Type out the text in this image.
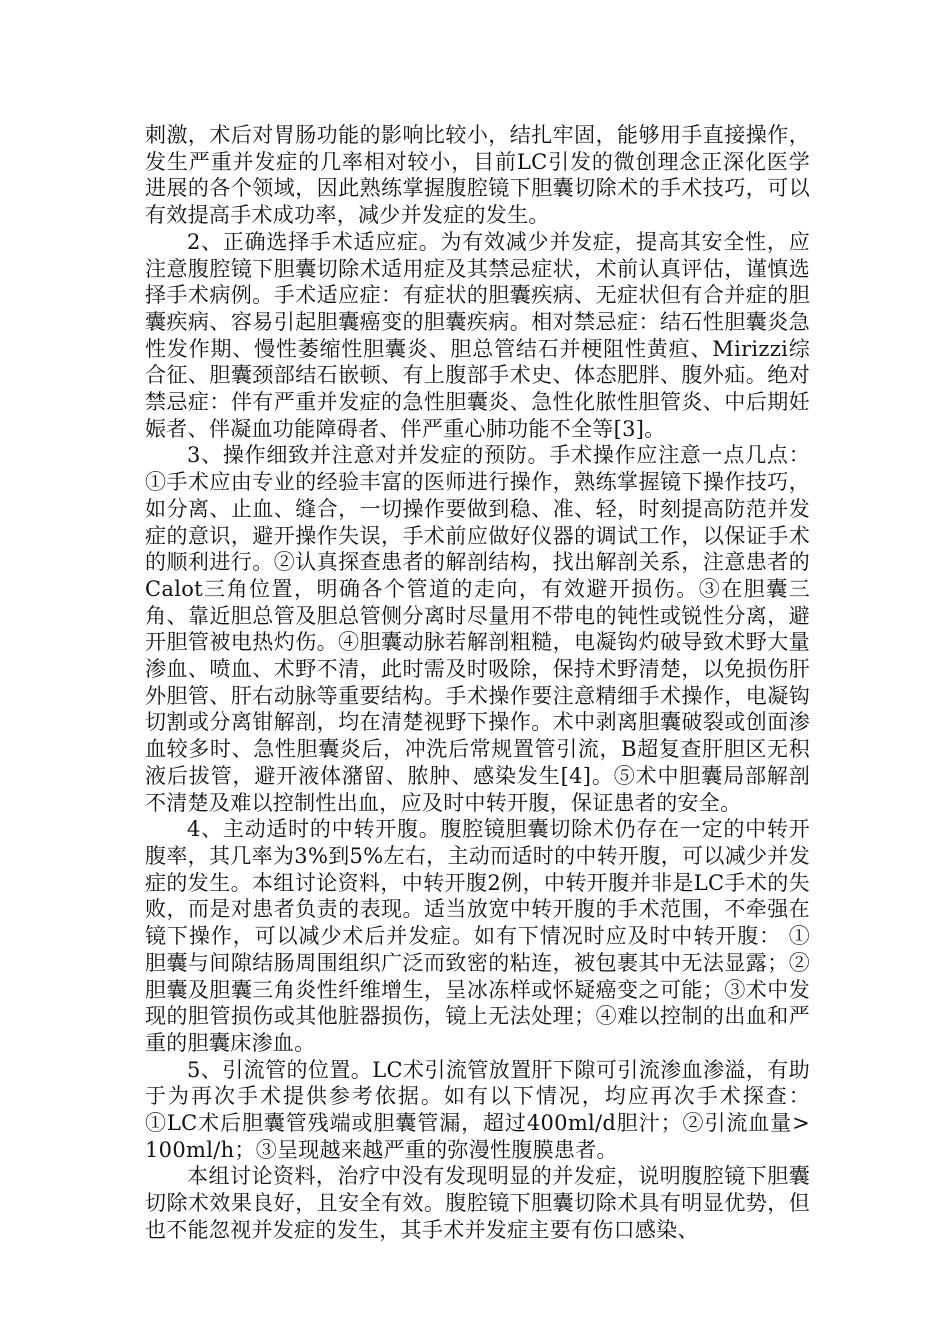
刺激，术后对胃肠功能的影响比较小，结扎牢固，能够用手直接操作，发生严重并发症的几率相对较小，目前LC引发的微创理念正深化医学进展的各个领域，因此熟练掌握腹腔镜下胆囊切除术的手术技巧，可以有效提高手术成功率，减少并发症的发生。

2、正确选择手术适应症。为有效减少并发症，提高其安全性，应注意腹腔镜下胆囊切除术适用症及其禁忌症状，术前认真评估，谨慎选择手术病例。手术适应症：有症状的胆囊疾病、无症状但有合并症的胆囊疾病、容易引起胆囊癌变的胆囊疾病。相对禁忌症：结石性胆囊炎急性发作期、慢性萎缩性胆囊炎、胆总管结石并梗阻性黄疸、Mirizzi综合征、胆囊颈部结石嵌顿、有上腹部手术史、体态肥胖、腹外疝。绝对禁忌症：伴有严重并发症的急性胆囊炎、急性化脓性胆管炎、中后期妊娠者、伴凝血功能障碍者、伴严重心肺功能不全等[3]。

3、操作细致并注意对并发症的预防。手术操作应注意一点几点：①手术应由专业的经验丰富的医师进行操作，熟练掌握镜下操作技巧，如分离、止血、缝合，一切操作要做到稳、准、轻，时刻提高防范并发症的意识，避开操作失误，手术前应做好仪器的调试工作，以保证手术的顺利进行。②认真探查患者的解剖结构，找出解剖关系，注意患者的Calot三角位置，明确各个管道的走向，有效避开损伤。③在胆囊三角、靠近胆总管及胆总管侧分离时尽量用不带电的钝性或锐性分离，避开胆管被电热灼伤。④胆囊动脉若解剖粗糙，电凝钩灼破导致术野大量渗血、喷血、术野不清，此时需及时吸除，保持术野清楚，以免损伤肝外胆管、肝右动脉等重要结构。手术操作要注意精细手术操作，电凝钩切割或分离钳解剖，均在清楚视野下操作。术中剥离胆囊破裂或创面渗血较多时、急性胆囊炎后，冲洗后常规置管引流，B超复查肝胆区无积液后拔管，避开液体潴留、脓肿、感染发生[4]。⑤术中胆囊局部解剖不清楚及难以控制性出血，应及时中转开腹，保证患者的安全。

4、主动适时的中转开腹。腹腔镜胆囊切除术仍存在一定的中转开腹率，其几率为3%到5%左右，主动而适时的中转开腹，可以减少并发症的发生。本组讨论资料，中转开腹2例，中转开腹并非是LC手术的失败，而是对患者负责的表现。适当放宽中转开腹的手术范围，不牵强在镜下操作，可以减少术后并发症。如有下情况时应及时中转开腹： ①胆囊与间隙结肠周围组织广泛而致密的粘连，被包裹其中无法显露；②胆囊及胆囊三角炎性纤维增生，呈冰冻样或怀疑癌变之可能；③术中发现的胆管损伤或其他脏器损伤，镜上无法处理；④难以控制的出血和严重的胆囊床渗血。

5、引流管的位置。LC术引流管放置肝下隙可引流渗血渗溢，有助于为再次手术提供参考依据。如有以下情况，均应再次手术探查：①LC术后胆囊管残端或胆囊管漏，超过400ml/d胆汁；②引流血量> 100ml/h；③呈现越来越严重的弥漫性腹膜患者。

本组讨论资料，治疗中没有发现明显的并发症，说明腹腔镜下胆囊切除术效果良好，且安全有效。腹腔镜下胆囊切除术具有明显优势，但也不能忽视并发症的发生，其手术并发症主要有伤口感染、
